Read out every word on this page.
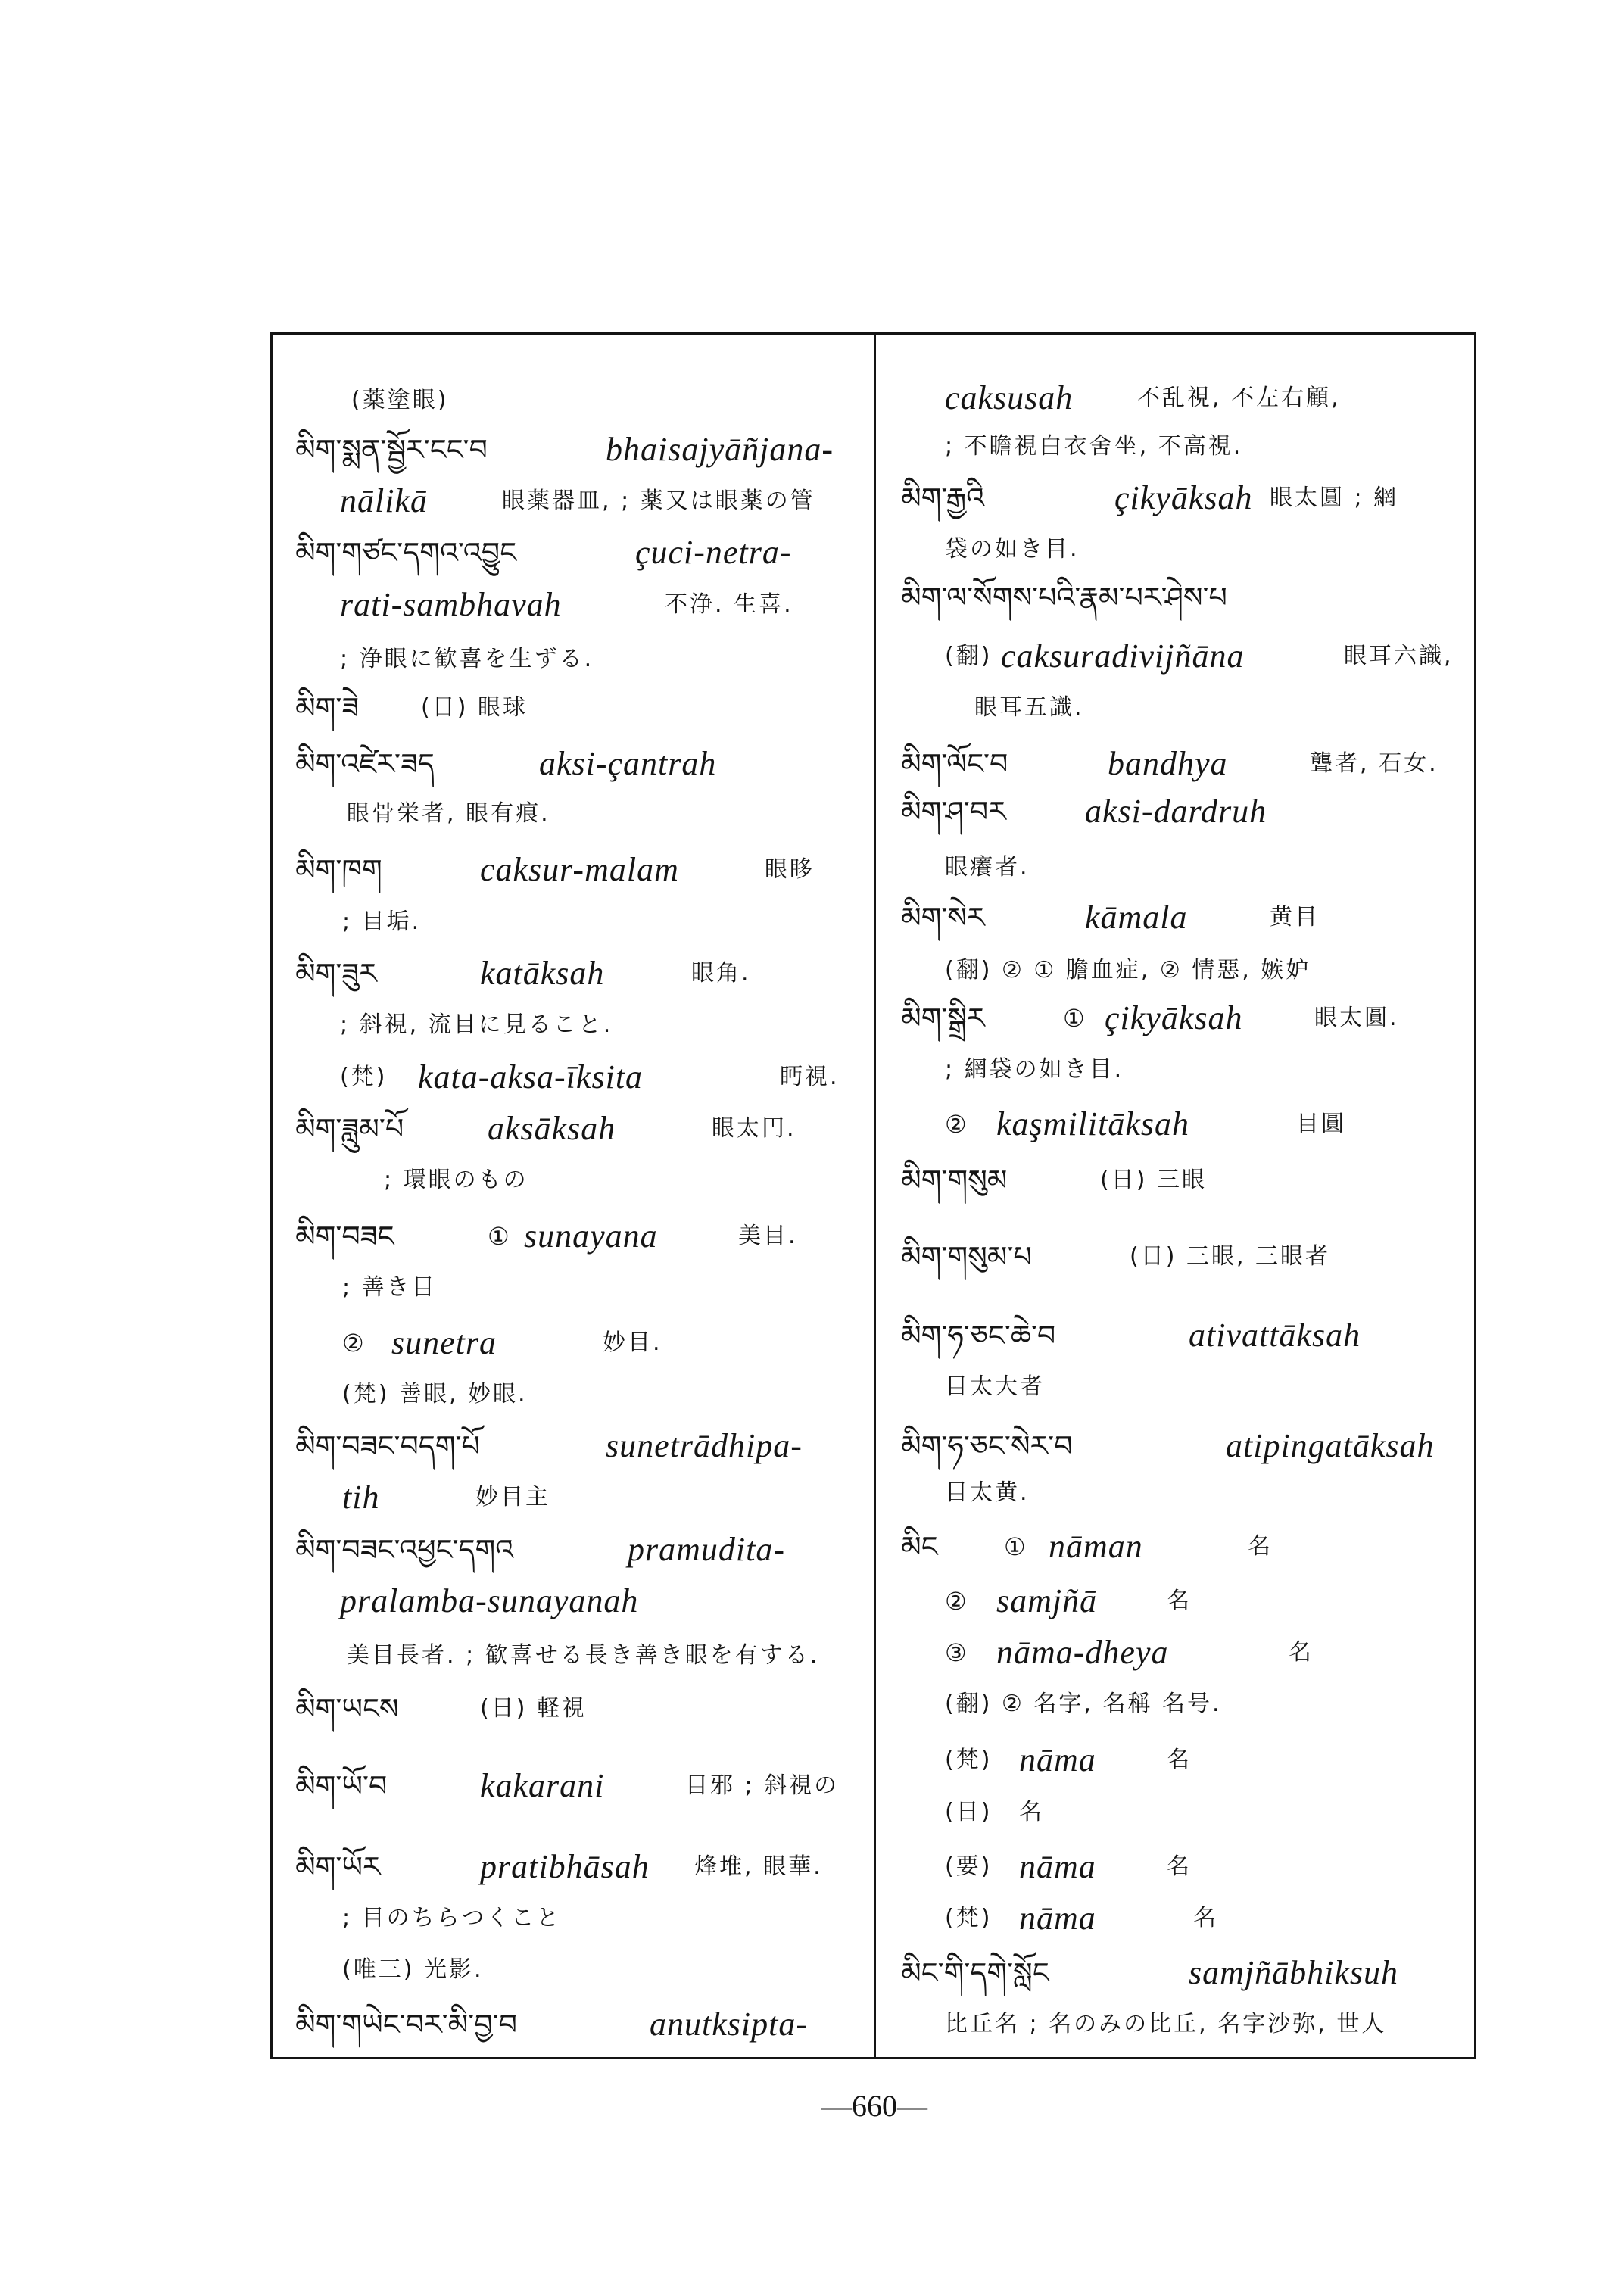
(薬塗眼)
མིག་སྨན་སྦྱོར་ངང་བ	bhaisajyāñjana-
nālikā	眼薬器皿, ; 薬又は眼薬の管
མིག་གཙང་དགའ་འབྱུང	çuci-netra-
rati-sambhavah	不浄. 生喜.
; 浄眼に歓喜を生ずる.
མིག་ཟེ	(日) 眼球
མིག་འཛེར་ཟད	aksi-çantrah
眼骨栄者, 眼有痕.
མིག་ཁག	caksur-malam	眼眵
; 目垢.
མིག་ཟུར	katāksah	眼角.
; 斜視, 流目に見ること.
(梵) kata-aksa-īksita	眄視.
མིག་ཟླུམ་པོ	aksāksah	眼太円.
; 環眼のもの
མིག་བཟང	① sunayana	美目.
; 善き目
② sunetra	妙目.
(梵) 善眼, 妙眼.
མིག་བཟང་བདག་པོ	sunetrādhipa-
tih	妙目主
མིག་བཟང་འཕྱང་དགའ	pramudita-
pralamba-sunayanah
美目長者. ; 歓喜せる長き善き眼を有する.
མིག་ཡངས	(日) 軽視
མིག་ཡོ་བ	kakarani	目邪 ; 斜視の
མིག་ཡོར	pratibhāsah 烽堆, 眼華.
; 目のちらつくこと
(唯三) 光影.
མིག་གཡེང་བར་མི་བྱ་བ	anutksipta-
caksusah	不乱視, 不左右顧,
; 不瞻視白衣舍坐, 不高視.
མིག་རྒྱའི	çikyāksah 眼太圓 ; 網
袋の如き目.
མིག་ལ་སོགས་པའི་རྣམ་པར་ཤེས་པ
(翻) caksuradivijñāna	眼耳六識,
眼耳五識.
མིག་ལོང་བ	bandhya	聾者, 石女.
མིག་ཤ་བར aksi-dardruh
眼癢者.
མིག་སེར	kāmala	黄目
(翻) ② ① 膽血症, ② 情惡, 嫉妒
མིག་སྒྲིར	① çikyāksah	眼太圓.
; 網袋の如き目.
② kaşmilitāksah	目圓
མིག་གསུམ	(日) 三眼
མིག་གསུམ་པ	(日) 三眼, 三眼者
མིག་ཧ་ཅང་ཆེ་བ	ativattāksah
目太大者
མིག་ཧ་ཅང་སེར་བ	atipingatāksah
目太黄.
མིང	① nāman	名
② samjñā	名
③ nāma-dheya	名
(翻) ② 名字, 名稱 名号.
(梵) nāma	名
(日) 名
(要) nāma	名
(梵) nāma	名
མིང་གི་དགེ་སློང	samjñābhiksuh
比丘名 ; 名のみの比丘, 名字沙弥, 世人
—660—
